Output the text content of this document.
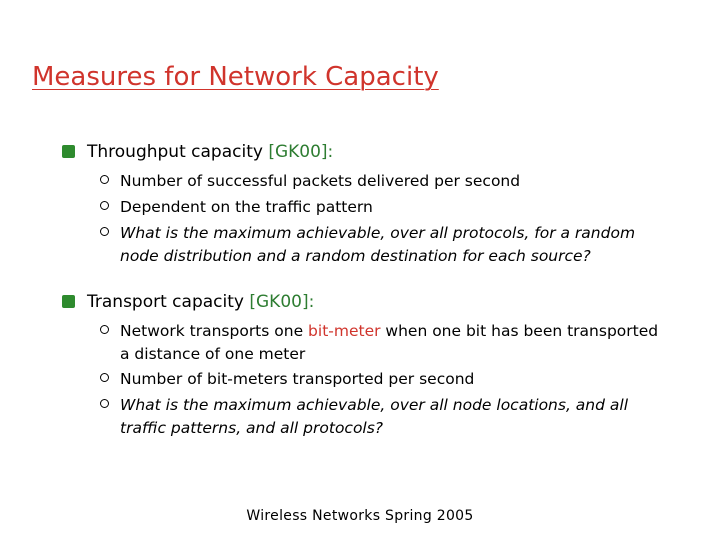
Measures for Network Capacity
Throughput capacity
[GK00]:
Number of successful packets delivered per second
Dependent on the traffic pattern
What is the maximum achievable, over all protocols, for a random node distribution and a random destination for each source?
Transport capacity
[GK00]:
Network transports one bit-meter when one bit has been transported a distance of one meter
Number of bit-meters transported per second
What is the maximum achievable, over all node locations, and all traffic patterns, and all protocols?
Wireless Networks Spring 2005
